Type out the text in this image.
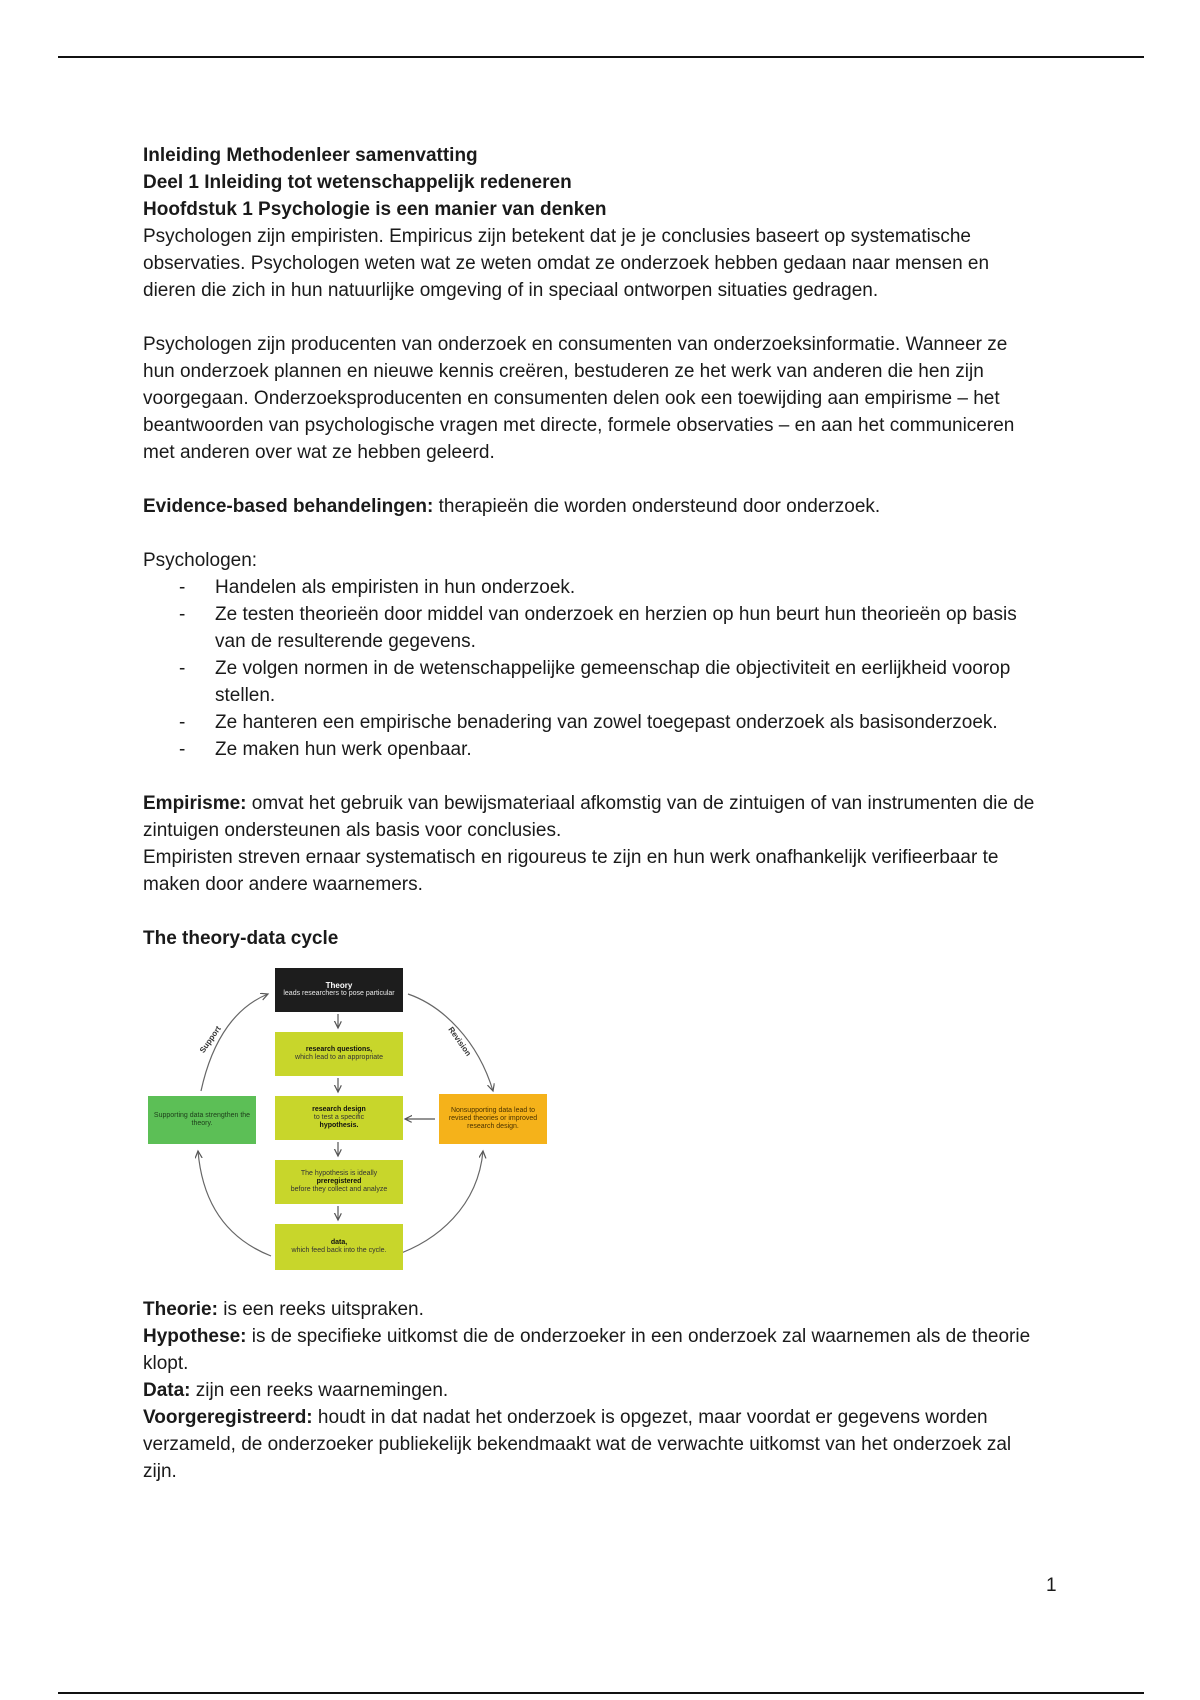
Inleiding Methodenleer samenvatting

Deel 1 Inleiding tot wetenschappelijk redeneren

Hoofdstuk 1 Psychologie is een manier van denken

Psychologen zijn empiristen. Empiricus zijn betekent dat je je conclusies baseert op systematische observaties. Psychologen weten wat ze weten omdat ze onderzoek hebben gedaan naar mensen en dieren die zich in hun natuurlijke omgeving of in speciaal ontworpen situaties gedragen.

Psychologen zijn producenten van onderzoek en consumenten van onderzoeksinformatie. Wanneer ze hun onderzoek plannen en nieuwe kennis creëren, bestuderen ze het werk van anderen die hen zijn voorgegaan. Onderzoeksproducenten en consumenten delen ook een toewijding aan empirisme – het beantwoorden van psychologische vragen met directe, formele observaties – en aan het communiceren met anderen over wat ze hebben geleerd.

Evidence-based behandelingen: therapieën die worden ondersteund door onderzoek.

Psychologen:

- Handelen als empiristen in hun onderzoek.
- Ze testen theorieën door middel van onderzoek en herzien op hun beurt hun theorieën op basis van de resulterende gegevens.
- Ze volgen normen in de wetenschappelijke gemeenschap die objectiviteit en eerlijkheid voorop stellen.
- Ze hanteren een empirische benadering van zowel toegepast onderzoek als basisonderzoek.
- Ze maken hun werk openbaar.

Empirisme: omvat het gebruik van bewijsmateriaal afkomstig van de zintuigen of van instrumenten die de zintuigen ondersteunen als basis voor conclusies.

Empiristen streven ernaar systematisch en rigoureus te zijn en hun werk onafhankelijk verifieerbaar te maken door andere waarnemers.

The theory-data cycle

Theory
leads researchers to pose particular
research questions,
which lead to an appropriate
research design
to test a specific
hypothesis.
The hypothesis is ideally
preregistered
before they collect and analyze
data,
which feed back into the cycle.
Supporting data strengthen the theory.
Nonsupporting data lead to revised theories or improved research design.
Support	Revision

Theorie: is een reeks uitspraken.

Hypothese: is de specifieke uitkomst die de onderzoeker in een onderzoek zal waarnemen als de theorie klopt.

Data: zijn een reeks waarnemingen.

Voorgeregistreerd: houdt in dat nadat het onderzoek is opgezet, maar voordat er gegevens worden verzameld, de onderzoeker publiekelijk bekendmaakt wat de verwachte uitkomst van het onderzoek zal zijn.

1
